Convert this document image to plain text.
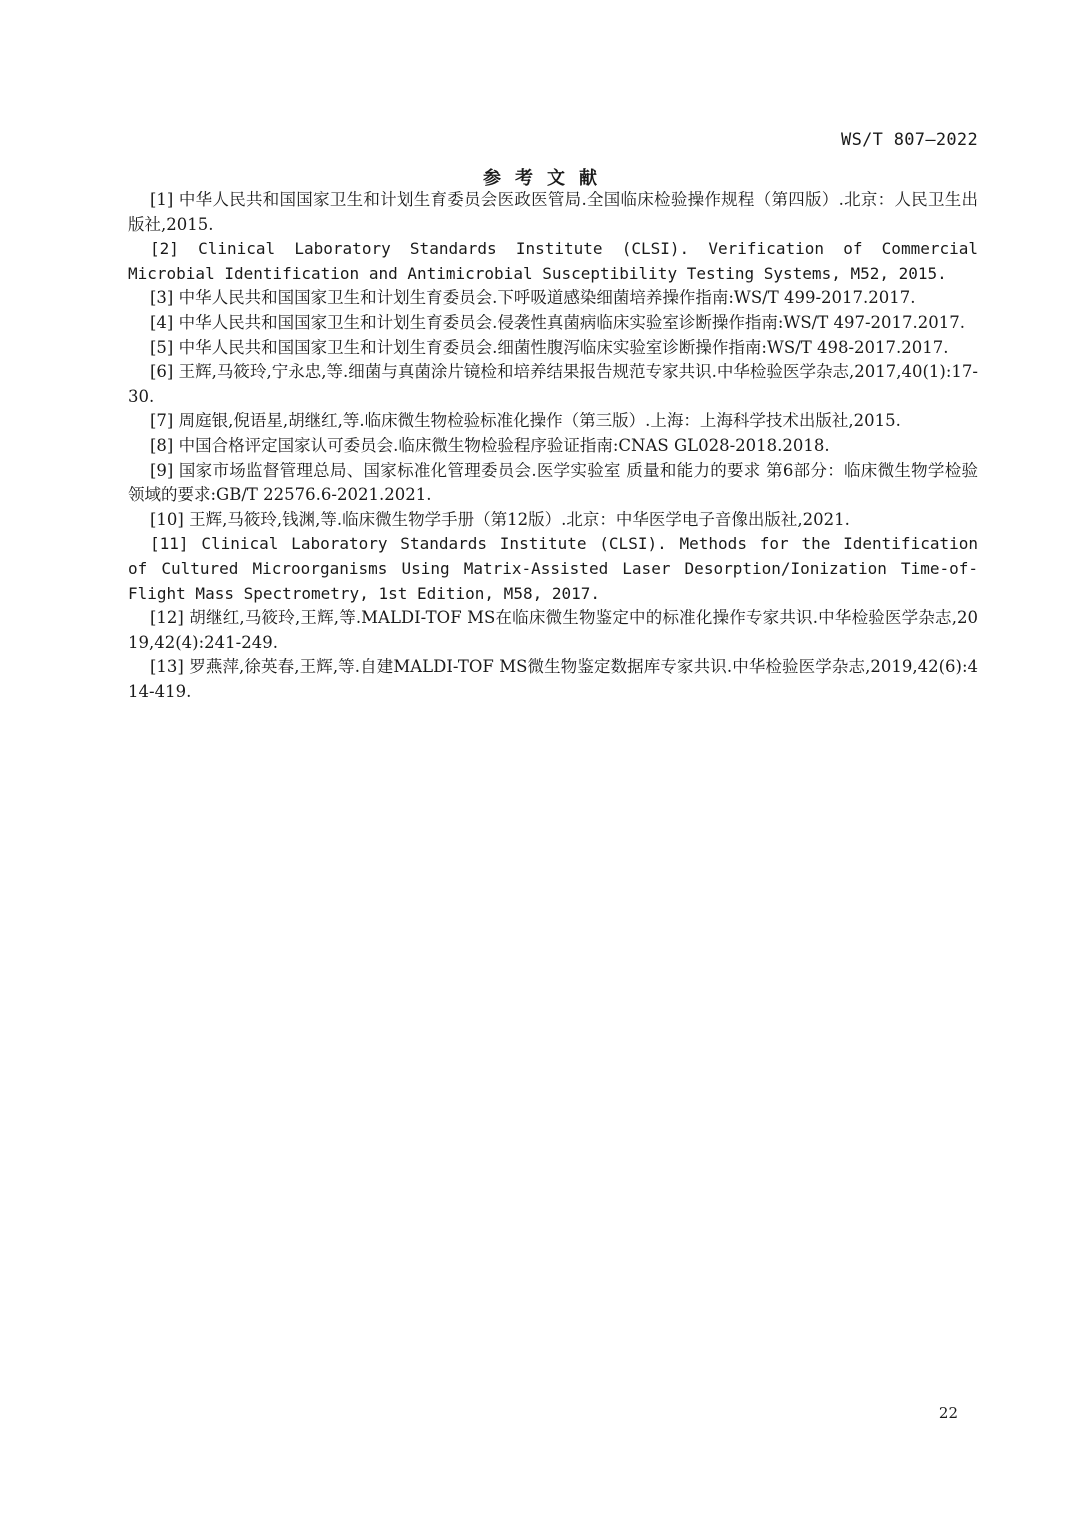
WS/T 807—2022
参考文献

[1] 中华人民共和国国家卫生和计划生育委员会医政医管局.全国临床检验操作规程（第四版）.北京：人民卫生出版社,2015.

[2] Clinical Laboratory Standards Institute (CLSI). Verification of Commercial Microbial Identification and Antimicrobial Susceptibility Testing Systems, M52, 2015.

[3] 中华人民共和国国家卫生和计划生育委员会.下呼吸道感染细菌培养操作指南:WS/T 499-2017.2017.

[4] 中华人民共和国国家卫生和计划生育委员会.侵袭性真菌病临床实验室诊断操作指南:WS/T 497-2017.2017.

[5] 中华人民共和国国家卫生和计划生育委员会.细菌性腹泻临床实验室诊断操作指南:WS/T 498-2017.2017.

[6] 王辉,马筱玲,宁永忠,等.细菌与真菌涂片镜检和培养结果报告规范专家共识.中华检验医学杂志,2017,40(1):17-30.

[7] 周庭银,倪语星,胡继红,等.临床微生物检验标准化操作（第三版）.上海：上海科学技术出版社,2015.

[8] 中国合格评定国家认可委员会.临床微生物检验程序验证指南:CNAS GL028-2018.2018.

[9] 国家市场监督管理总局、国家标准化管理委员会.医学实验室 质量和能力的要求 第6部分：临床微生物学检验领域的要求:GB/T 22576.6-2021.2021.

[10] 王辉,马筱玲,钱渊,等.临床微生物学手册（第12版）.北京：中华医学电子音像出版社,2021.

[11] Clinical Laboratory Standards Institute (CLSI). Methods for the Identification of Cultured Microorganisms Using Matrix-Assisted Laser Desorption/Ionization Time-of-Flight Mass Spectrometry, 1st Edition, M58, 2017.

[12] 胡继红,马筱玲,王辉,等.MALDI-TOF MS在临床微生物鉴定中的标准化操作专家共识.中华检验医学杂志,2019,42(4):241-249.

[13] 罗燕萍,徐英春,王辉,等.自建MALDI-TOF MS微生物鉴定数据库专家共识.中华检验医学杂志,2019,42(6):414-419.

22
